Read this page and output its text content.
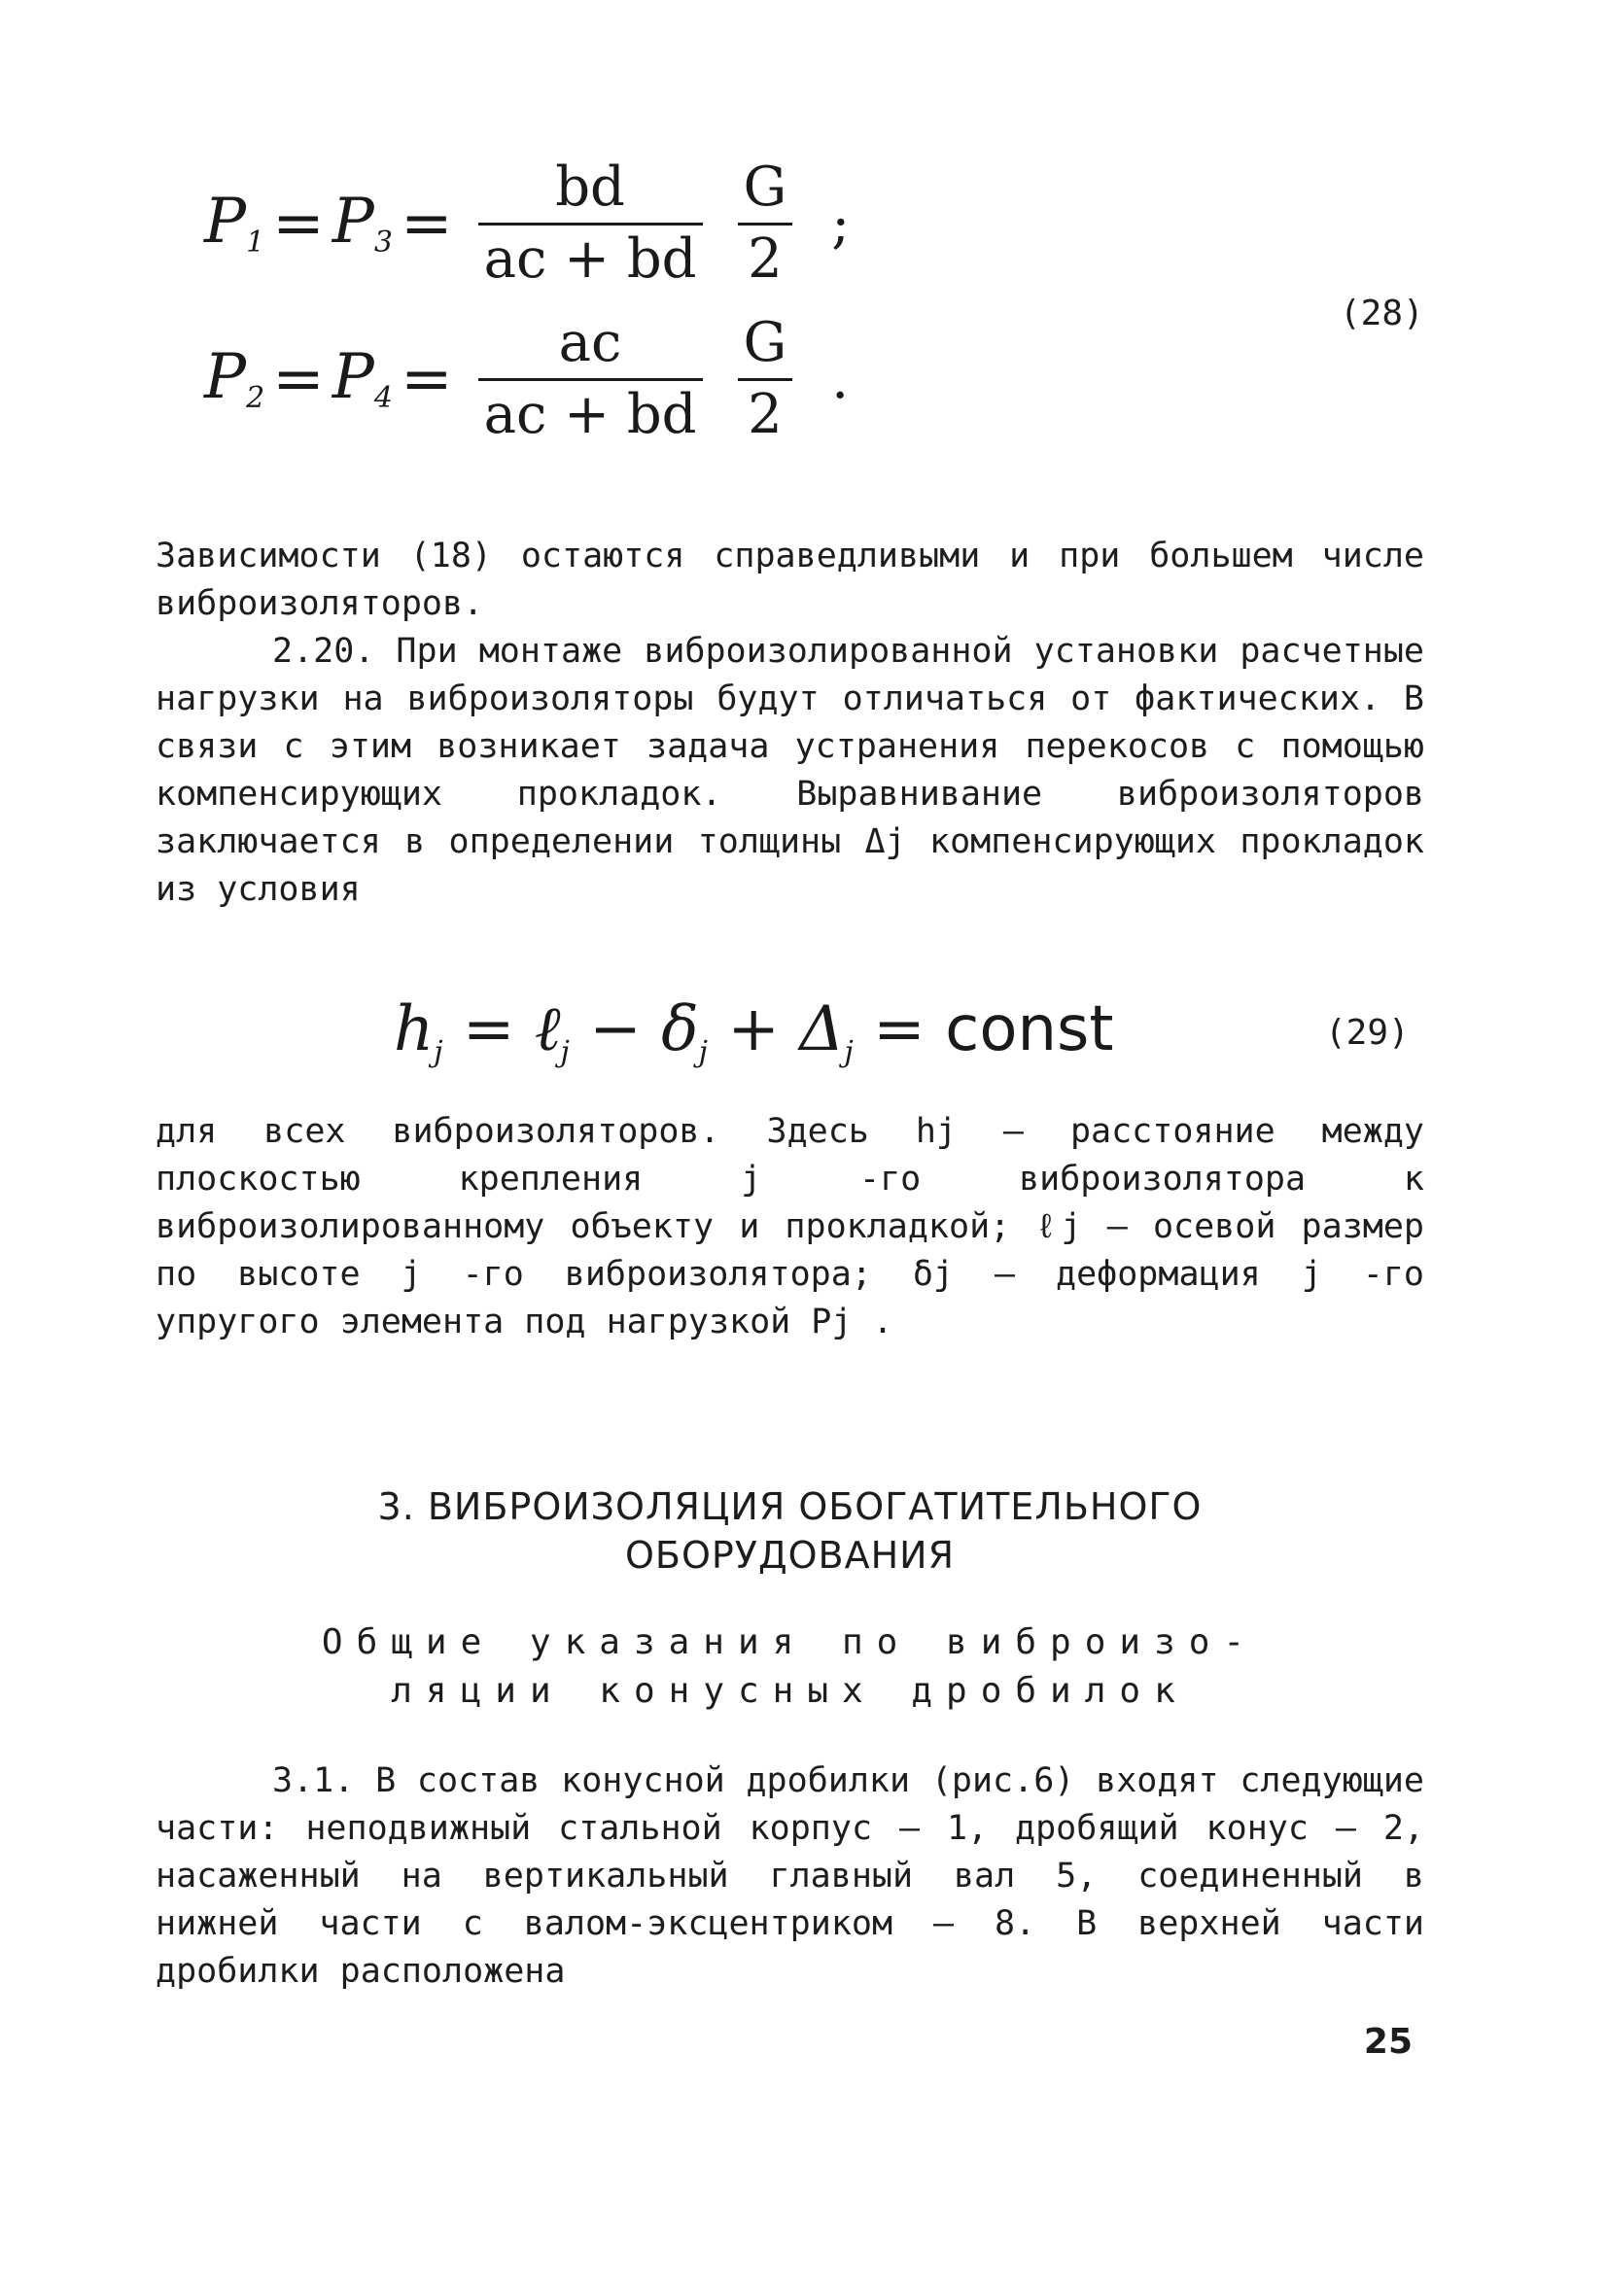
$P_1 = P_3 = \frac{bd}{ac + bd} \frac{G}{2}$ ;
$P_2 = P_4 = \frac{ac}{ac + bd} \frac{G}{2}$ .
(28)

Зависимости (18) остаются справедливыми и при большем числе виброизоляторов.

2.20. При монтаже виброизолированной установки расчетные нагрузки на виброизоляторы будут отличаться от фактических. В связи с этим возникает задача устранения перекосов с помощью компенсирующих прокладок. Выравнивание виброизоляторов заключается в определении толщины Δj компенсирующих прокладок из условия

$h_j$ = ℓ$_j$ − $\delta_j + \Delta_j$ = const	(29)

для всех виброизоляторов. Здесь hj – расстояние между плоскостью крепления j -го виброизолятора к виброизолированному объекту и прокладкой; ℓj – осевой размер по высоте j -го виброизолятора; δj – деформация j -го упругого элемента под нагрузкой Pj .

3. ВИБРОИЗОЛЯЦИЯ ОБОГАТИТЕЛЬНОГО
ОБОРУДОВАНИЯ
Общие указания по виброизо-
ляции конусных дробилок

3.1. В состав конусной дробилки (рис.6) входят следующие части: неподвижный стальной корпус – 1, дробящий конус – 2, насаженный на вертикальный главный вал 5, соединенный в нижней части с валом-эксцентриком – 8. В верхней части дробилки расположена

25
